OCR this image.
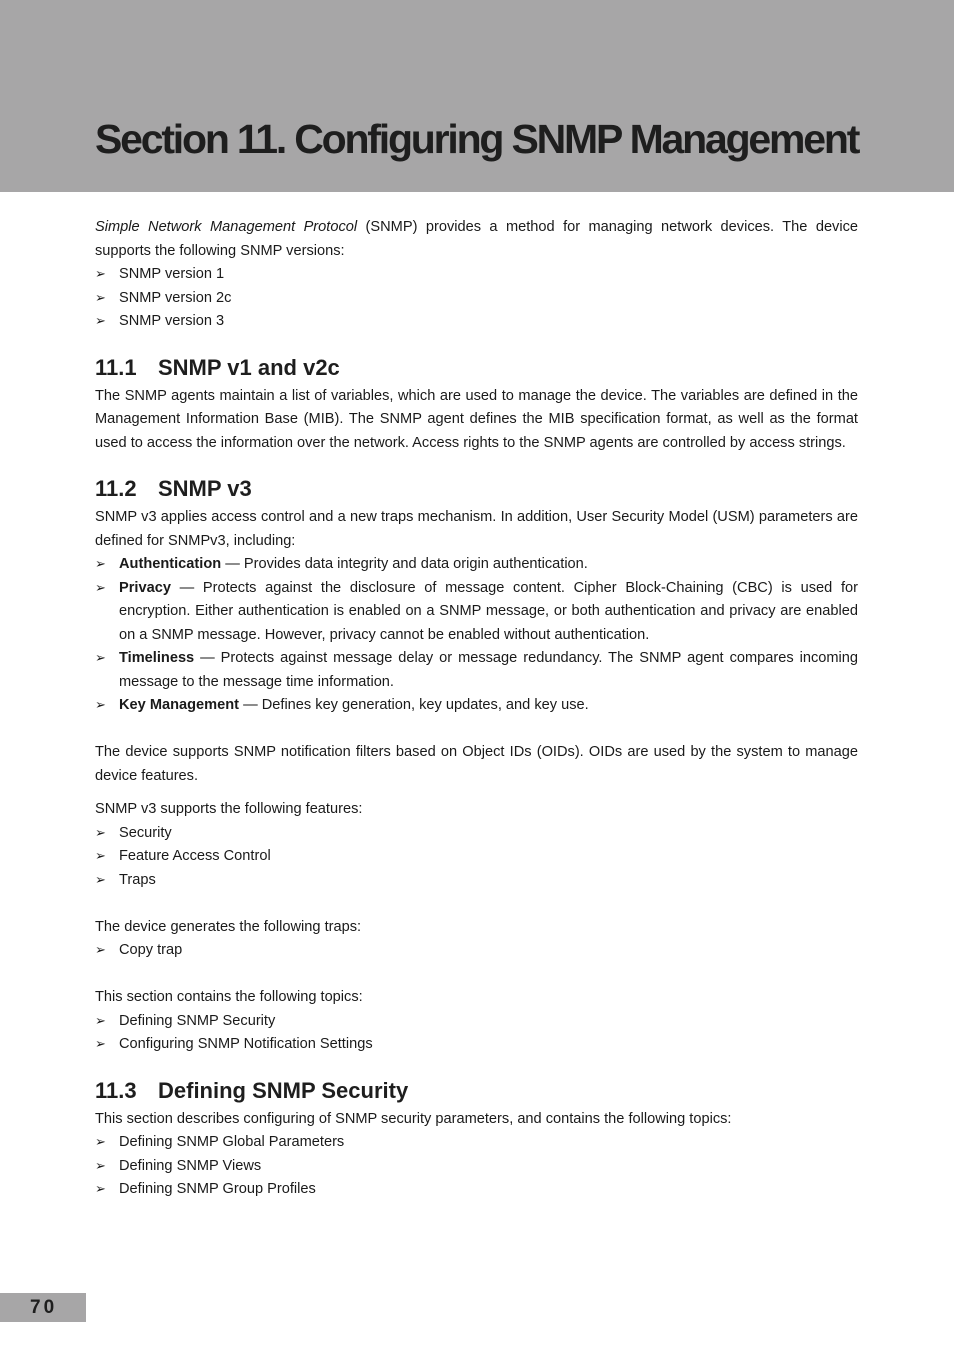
Section 11. Configuring SNMP Management

Simple Network Management Protocol (SNMP) provides a method for managing network devices. The device supports the following SNMP versions:

➢ SNMP version 1
➢ SNMP version 2c
➢ SNMP version 3
11.1 SNMP v1 and v2c

The SNMP agents maintain a list of variables, which are used to manage the device. The variables are defined in the Management Information Base (MIB). The SNMP agent defines the MIB specification format, as well as the format used to access the information over the network. Access rights to the SNMP agents are controlled by access strings.

11.2 SNMP v3

SNMP v3 applies access control and a new traps mechanism. In addition, User Security Model (USM) parameters are defined for SNMPv3, including:

➢ Authentication — Provides data integrity and data origin authentication.
➢ Privacy — Protects against the disclosure of message content. Cipher Block-Chaining (CBC) is used for encryption. Either authentication is enabled on a SNMP message, or both authentication and privacy are enabled on a SNMP message. However, privacy cannot be enabled without authentication.
➢ Timeliness — Protects against message delay or message redundancy. The SNMP agent compares incoming message to the message time information.
➢ Key Management — Defines key generation, key updates, and key use.

The device supports SNMP notification filters based on Object IDs (OIDs). OIDs are used by the system to manage device features.

SNMP v3 supports the following features:

➢ Security
➢ Feature Access Control
➢ Traps

The device generates the following traps:

➢ Copy trap

This section contains the following topics:

➢ Defining SNMP Security
➢ Configuring SNMP Notification Settings
11.3 Defining SNMP Security

This section describes configuring of SNMP security parameters, and contains the following topics:

➢ Defining SNMP Global Parameters
➢ Defining SNMP Views
➢ Defining SNMP Group Profiles
70
